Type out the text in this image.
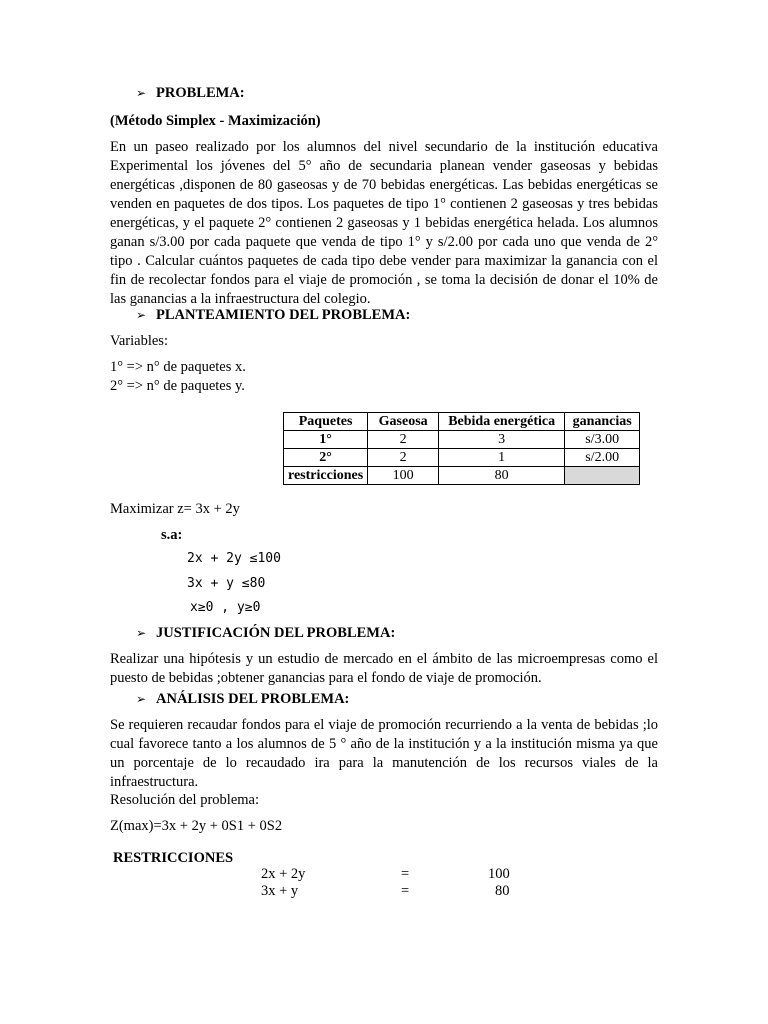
➢ PROBLEMA:
(Método Simplex - Maximización)
En un paseo realizado por los alumnos del nivel secundario de la institución educativa Experimental los jóvenes del 5° año de secundaria planean vender gaseosas y bebidas energéticas ,disponen de 80 gaseosas y de 70 bebidas energéticas. Las bebidas energéticas se venden en paquetes de dos tipos. Los paquetes de tipo 1° contienen 2 gaseosas y tres bebidas energéticas, y el paquete 2° contienen 2 gaseosas y 1 bebidas energética helada. Los alumnos ganan s/3.00 por cada paquete que venda de tipo 1° y s/2.00 por cada uno que venda de 2° tipo . Calcular cuántos paquetes de cada tipo debe vender para maximizar la ganancia con el fin de recolectar fondos para el viaje de promoción , se toma la decisión de donar el 10% de las ganancias a la infraestructura del colegio.
➢ PLANTEAMIENTO DEL PROBLEMA:
Variables:
1° => n° de paquetes x.
2° => n° de paquetes y.
Paquetes	Gaseosa	Bebida energética	ganancias
1°	2	3	s/3.00
2°	2	1	s/2.00
restricciones	100	80	
Maximizar z= 3x + 2y
s.a:
2x + 2y ≤100
3x + y ≤80
x≥0 , y≥0
➢ JUSTIFICACIÓN DEL PROBLEMA:
Realizar una hipótesis y un estudio de mercado en el ámbito de las microempresas como el puesto de bebidas ;obtener ganancias para el fondo de viaje de promoción.
➢ ANÁLISIS DEL PROBLEMA:
Se requieren recaudar fondos para el viaje de promoción recurriendo a la venta de bebidas ;lo cual favorece tanto a los alumnos de 5 ° año de la institución y a la institución misma ya que un porcentaje de lo recaudado ira para la manutención de los recursos viales de la infraestructura.
Resolución del problema:
Z(max)=3x + 2y + 0S1 + 0S2
RESTRICCIONES
2x + 2y	=	100
3x + y	=	80
